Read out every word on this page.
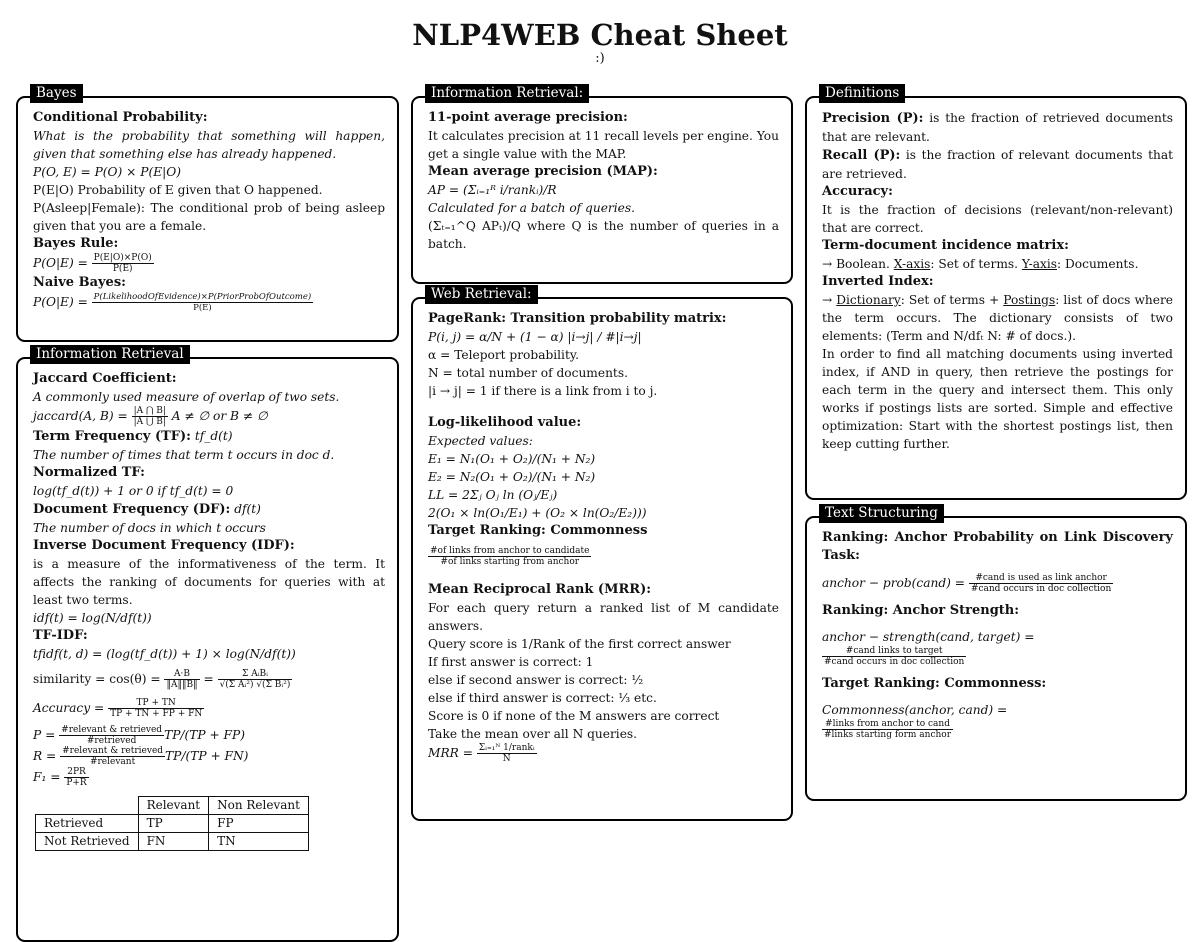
NLP4WEB Cheat Sheet
:)
Bayes
Conditional Probability:
What is the probability that something will happen, given that something else has already happened.
P(O, E) = P(O) × P(E|O)
P(E|O) Probability of E given that O happened.
P(Asleep|Female): The conditional prob of being asleep given that you are a female.
Bayes Rule:
$P(O|E) = \frac{P(E|O)\times P(O)}{P(E)}$
Naive Bayes:
$P(O|E) = \frac{\text{P(LikelihoodOfEvidence)×P(PriorProbOfOutcome)}}{P(E)}$
Information Retrieval
Jaccard Coefficient:
A commonly used measure of overlap of two sets.
jaccard(A, $B) = \frac{|A ⋂ B|}{|A ⋃ B|}$ A ≠ ∅ or B ≠ ∅
Term Frequency (TF): tf_d(t)
The number of times that term t occurs in doc d.
Normalized TF:
log(tf_d(t)) + 1 or 0 if tf_d(t) = 0
Document Frequency (DF): df(t)
The number of docs in which t occurs
Inverse Document Frequency (IDF):
is a measure of the informativeness of the term. It affects the ranking of documents for queries with at least two terms.
idf(t) = log(N/df(t))
TF-IDF:
tfidf(t, d) = (log(tf_d(t)) + 1) × log(N/df(t))
similarity = $\cos(\theta) = \frac{A\cdot B}{‖A‖‖B‖} = \frac{\text{Σ AᵢBᵢ}}{\text{√(Σ Aᵢ²) √(Σ Bᵢ²)}}$
Accuracy = $\frac{TP + TN}{TP + TN + FP + FN}$
$P = \frac{\text{\#relevant \& retrieved}}{\text{\#retrieved}} TP/(TP + FP)$
$R = \frac{\text{\#relevant \& retrieved}}{\text{\#relevant}} TP/(TP + FN)$
$F_1 = \frac{2PR}{P+R}$
	Relevant	Non Relevant
Retrieved	TP	FP
Not Retrieved	FN	TN
Information Retrieval:
11-point average precision:
It calculates precision at 11 recall levels per engine. You get a single value with the MAP.
Mean average precision (MAP):
AP = (Σᵢ₌₁ᴿ i/rankᵢ)/R
Calculated for a batch of queries.
(Σₜ₌₁^Q APₜ)/Q where Q is the number of queries in a batch.
Web Retrieval:
PageRank: Transition probability matrix:
P(i, j) = α/N + (1 − α) |i→j| / #|i→j|
α = Teleport probability.
N = total number of documents.
|i → j| = 1 if there is a link from i to j.
Log-likelihood value:
Expected values:
E₁ = N₁(O₁ + O₂)/(N₁ + N₂)
E₂ = N₂(O₁ + O₂)/(N₁ + N₂)
LL = 2Σⱼ Oⱼ ln (Oⱼ/Eⱼ)
2(O₁ × ln(O₁/E₁) + (O₂ × ln(O₂/E₂)))
Target Ranking: Commonness
$\frac{\text{\#of links from anchor to candidate}}{\text{\#of links starting from anchor}}$
Mean Reciprocal Rank (MRR):
For each query return a ranked list of M candidate answers.
Query score is 1/Rank of the first correct answer
If first answer is correct: 1
else if second answer is correct: ½
else if third answer is correct: ⅓ etc.
Score is 0 if none of the M answers are correct
Take the mean over all N queries.
MRR = $\frac{\text{Σᵢ₌₁ᴺ 1/rankᵢ}}{N}$
Definitions
Precision (P): is the fraction of retrieved documents that are relevant.
Recall (P): is the fraction of relevant documents that are retrieved.
Accuracy:
It is the fraction of decisions (relevant/non-relevant) that are correct.
Term-document incidence matrix:
→ Boolean. X-axis: Set of terms. Y-axis: Documents.
Inverted Index:
→ Dictionary: Set of terms + Postings: list of docs where the term occurs. The dictionary consists of two elements: (Term and N/dfₜ N: # of docs.).
In order to find all matching documents using inverted index, if AND in query, then retrieve the postings for each term in the query and intersect them. This only works if postings lists are sorted. Simple and effective optimization: Start with the shortest postings list, then keep cutting further.
Text Structuring
Ranking: Anchor Probability on Link Discovery Task:
anchor − prob(cand) = $\frac{\text{\#cand is used as link anchor}}{\text{\#cand occurs in doc collection}}$
Ranking: Anchor Strength:
anchor − strength(cand, target) =
$\frac{\text{\#cand links to target}}{\text{\#cand occurs in doc collection}}$
Target Ranking: Commonness:
Commonness(anchor, cand) =
$\frac{\text{\#links from anchor to cand}}{\text{\#links starting form anchor}}$
